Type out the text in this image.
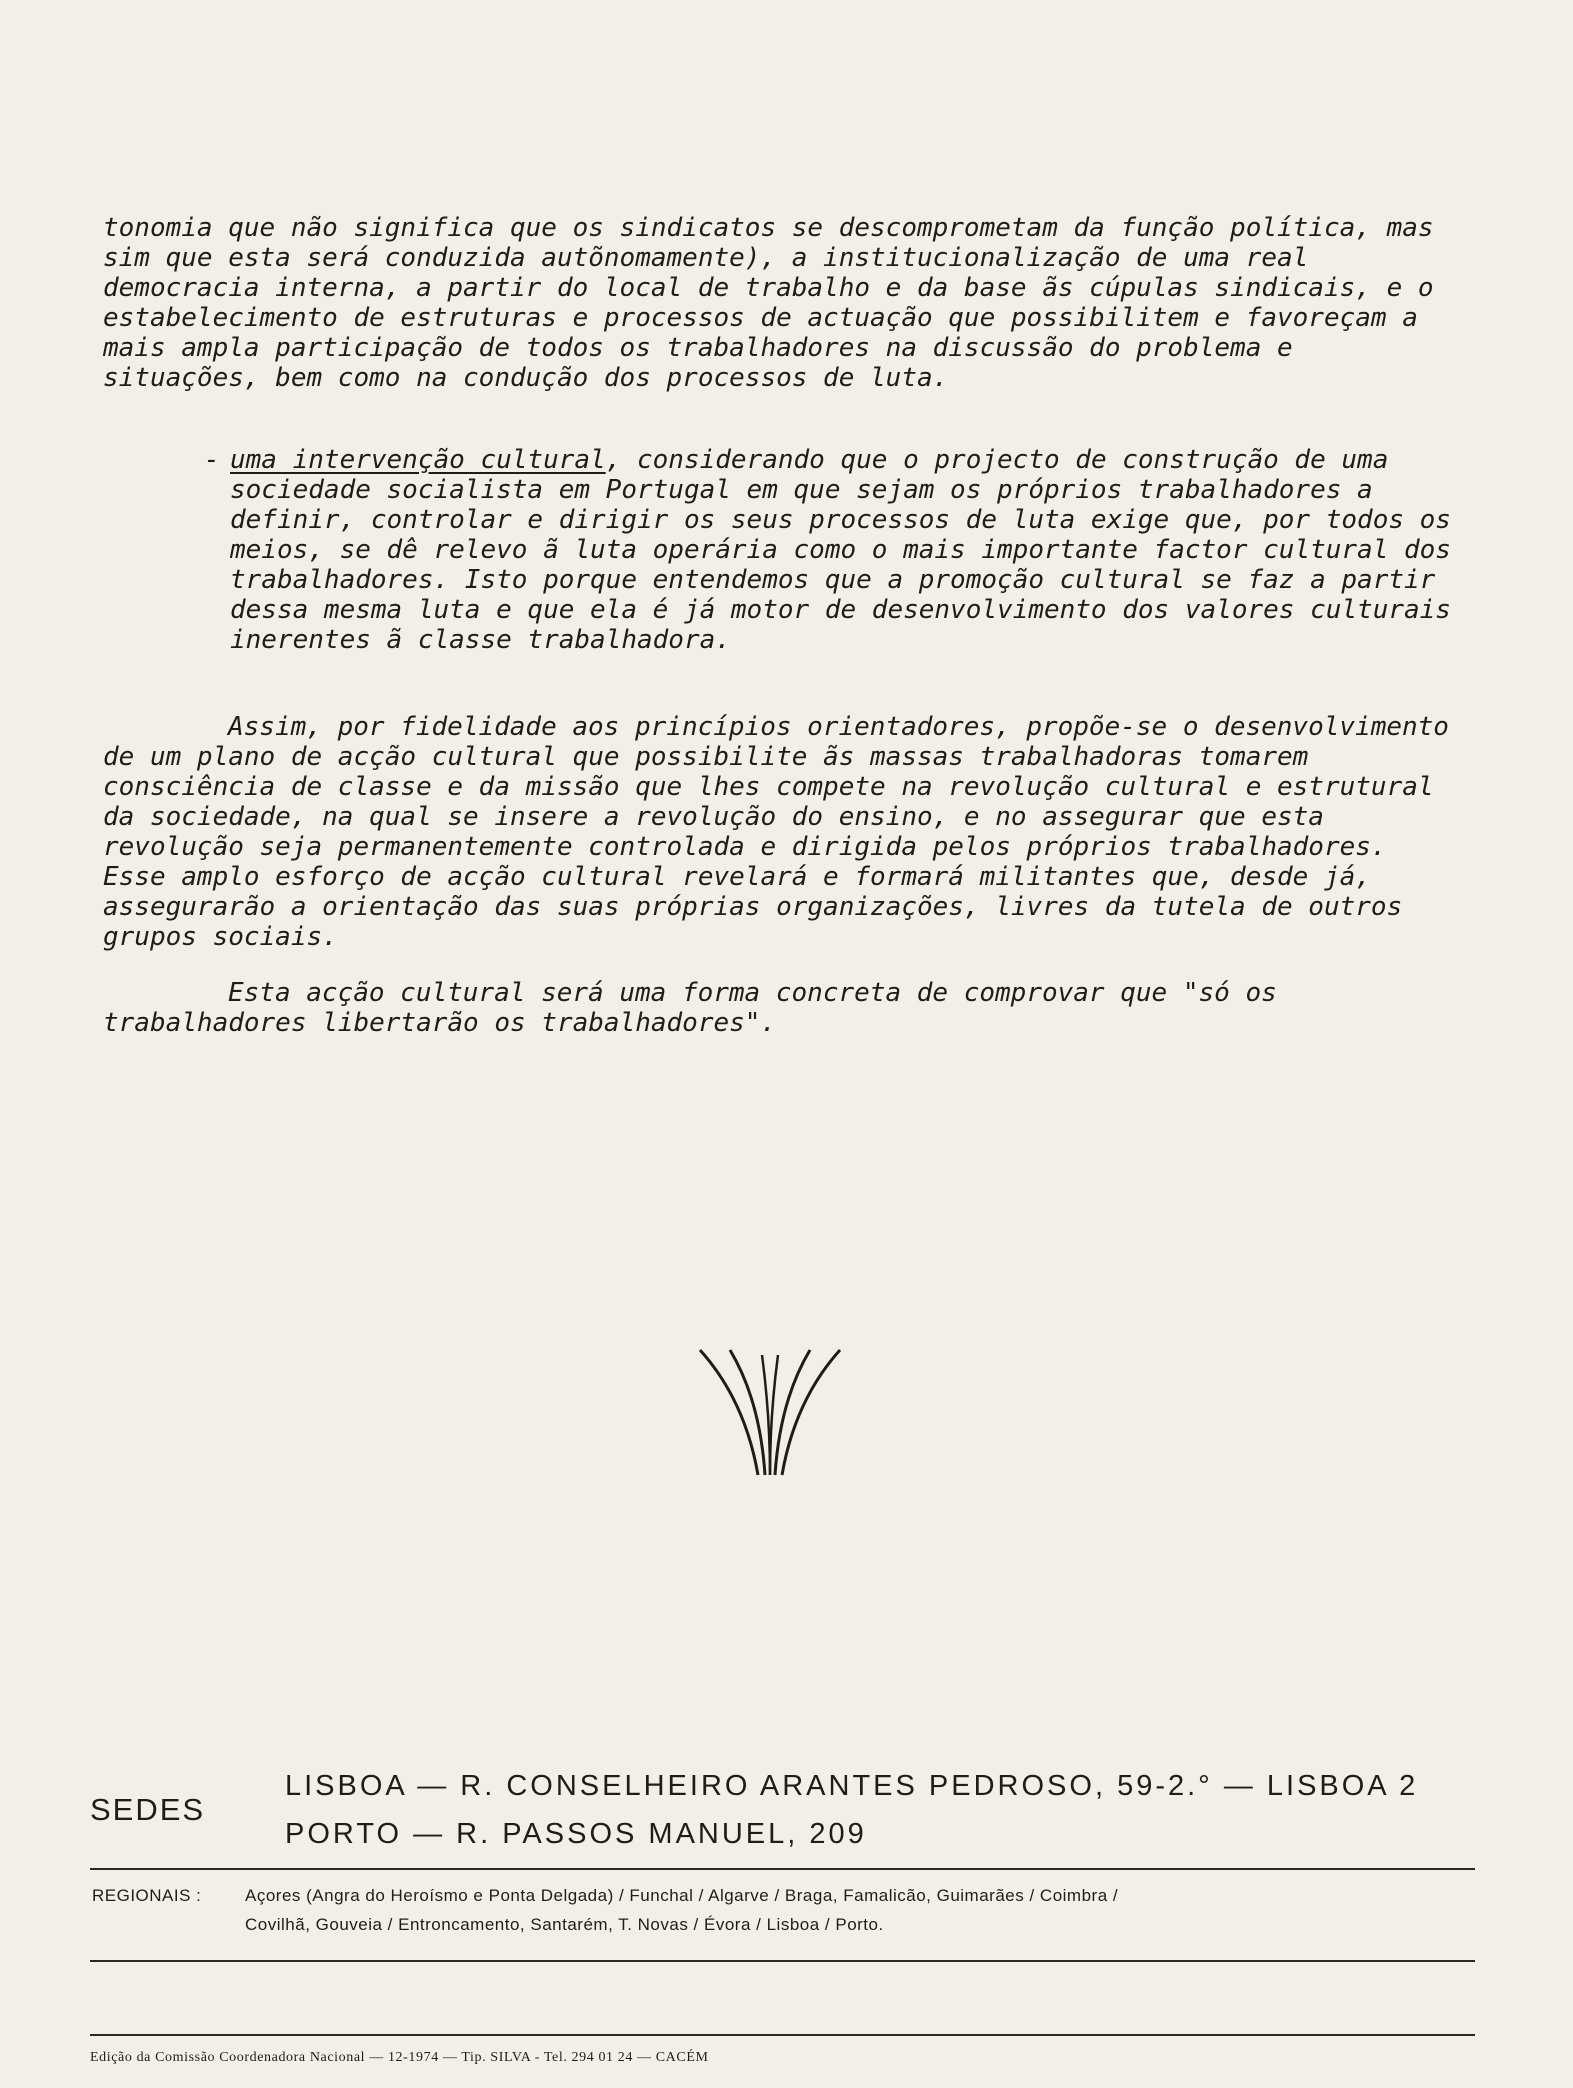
tonomia que não significa que os sindicatos se descomprometam da função política, mas sim que esta será conduzida autõnomamente), a institucionalização de uma real democracia interna, a partir do local de trabalho e da base ãs cúpulas sindicais, e o estabelecimento de estruturas e processos de actuação que possibilitem e favoreçam a mais ampla participação de todos os trabalhadores na discussão do problema e situações, bem como na condução dos processos de luta.
- uma intervenção cultural, considerando que o projecto de construção de uma sociedade socialista em Portugal em que sejam os próprios trabalhadores a definir, controlar e dirigir os seus processos de luta exige que, por todos os meios, se dê relevo ã luta operária como o mais importante factor cultural dos trabalhadores. Isto porque entendemos que a promoção cultural se faz a partir dessa mesma luta e que ela é já motor de desenvolvimento dos valores culturais inerentes ã classe trabalhadora.
Assim, por fidelidade aos princípios orientadores, propõe-se o desenvolvimento de um plano de acção cultural que possibilite ãs massas trabalhadoras tomarem consciência de classe e da missão que lhes compete na revolução cultural e estrutural da sociedade, na qual se insere a revolução do ensino, e no assegurar que esta revolução seja permanentemente controlada e dirigida pelos próprios trabalhadores. Esse amplo esforço de acção cultural revelará e formará militantes que, desde já, assegurarão a orientação das suas próprias organizações, livres da tutela de outros grupos sociais.
Esta acção cultural será uma forma concreta de comprovar que "só os trabalhadores libertarão os trabalhadores".
SEDES
LISBOA — R. CONSELHEIRO ARANTES PEDROSO, 59-2.° — LISBOA 2
PORTO — R. PASSOS MANUEL, 209
REGIONAIS :	Açores (Angra do Heroísmo e Ponta Delgada) / Funchal / Algarve / Braga, Famalicão, Guimarães / Coimbra /
Covilhã, Gouveia / Entroncamento, Santarém, T. Novas / Évora / Lisboa / Porto.
Edição da Comissão Coordenadora Nacional — 12-1974 — Tip. SILVA - Tel. 294 01 24 — CACÉM
